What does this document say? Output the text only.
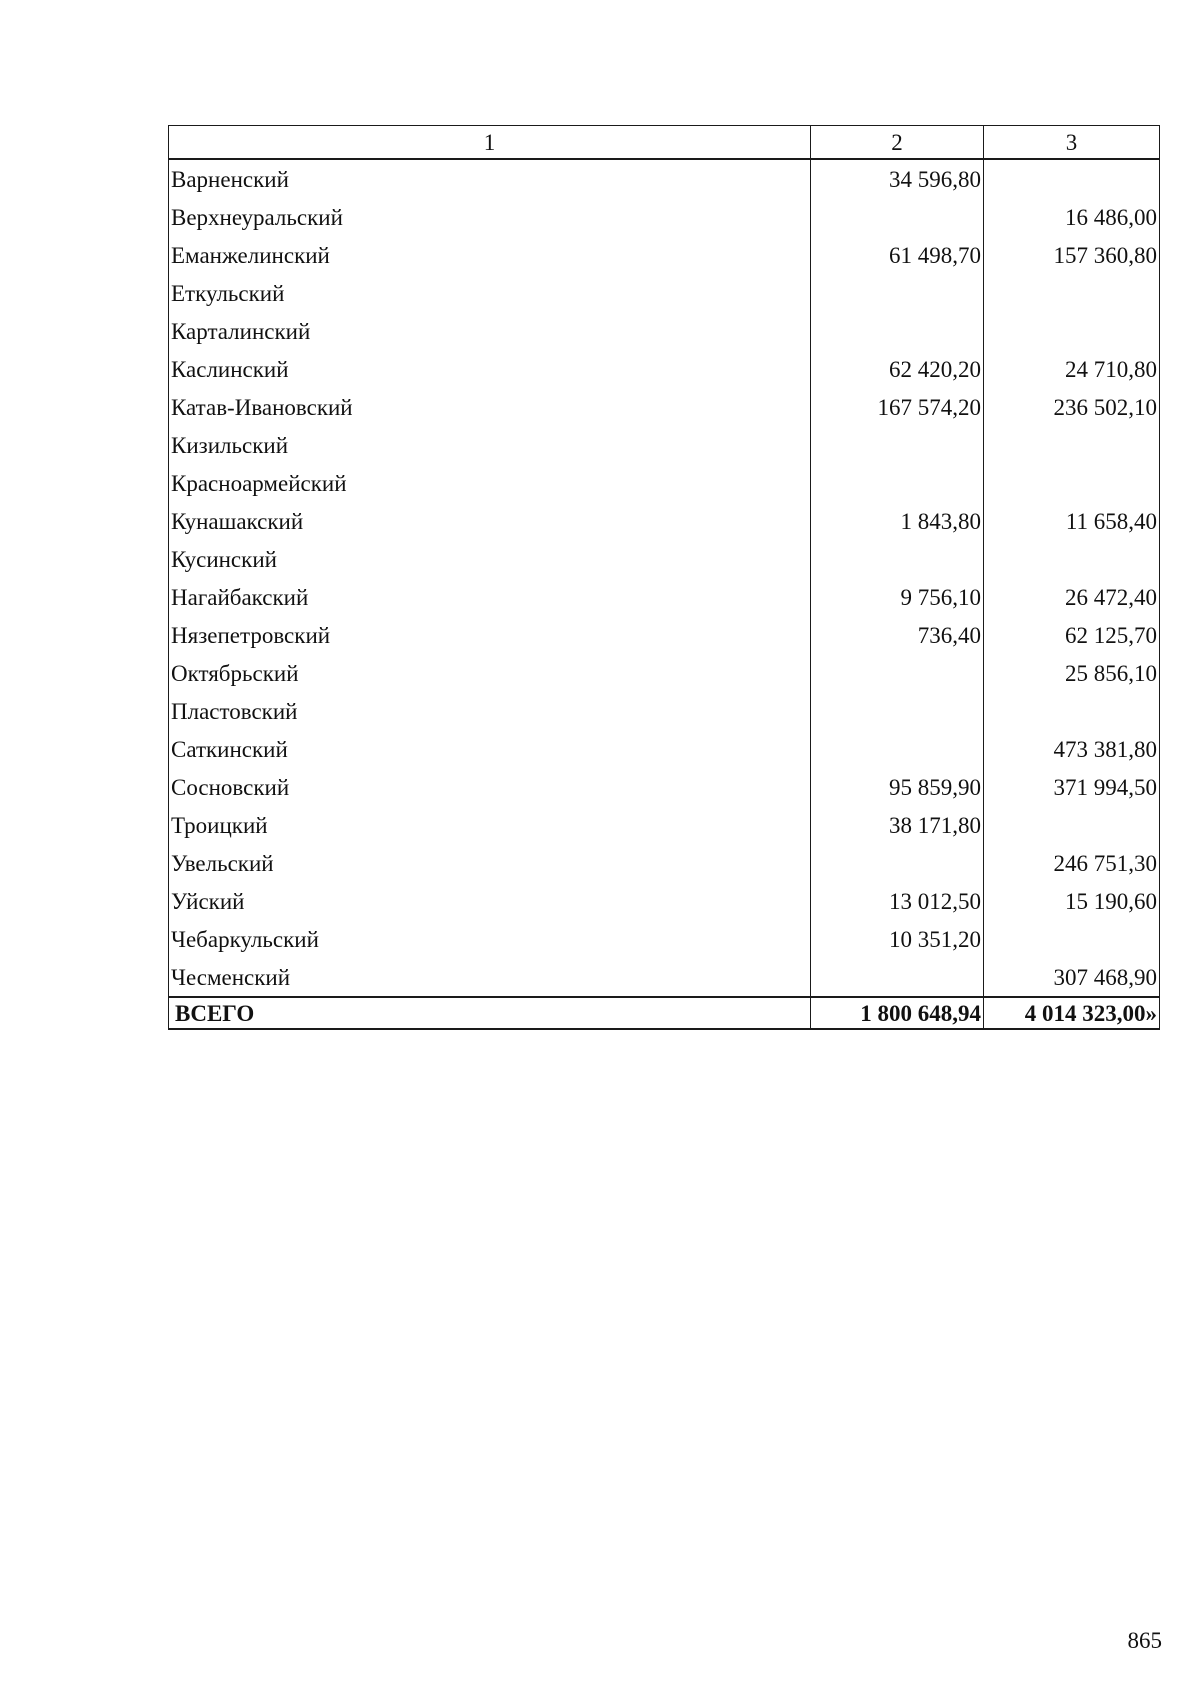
1	2	3
Варненский	34 596,80	
Верхнеуральский		16 486,00
Еманжелинский	61 498,70	157 360,80
Еткульский		
Карталинский		
Каслинский	62 420,20	24 710,80
Катав-Ивановский	167 574,20	236 502,10
Кизильский		
Красноармейский		
Кунашакский	1 843,80	11 658,40
Кусинский		
Нагайбакский	9 756,10	26 472,40
Нязепетровский	736,40	62 125,70
Октябрьский		25 856,10
Пластовский		
Саткинский		473 381,80
Сосновский	95 859,90	371 994,50
Троицкий	38 171,80	
Увельский		246 751,30
Уйский	13 012,50	15 190,60
Чебаркульский	10 351,20	
Чесменский		307 468,90
ВСЕГО	1 800 648,94	4 014 323,00»
865
